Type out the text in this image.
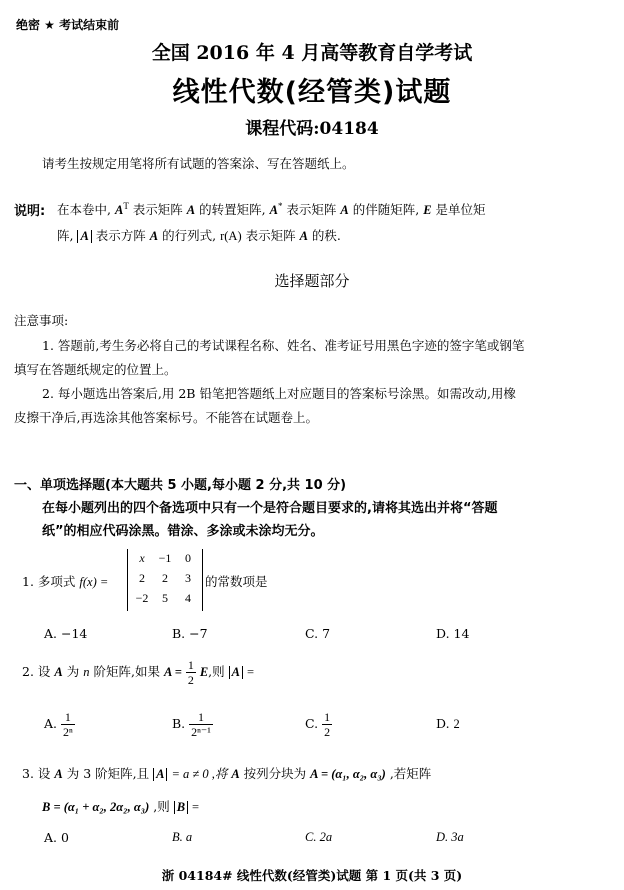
绝密 ★ 考试结束前
全国 2016 年 4 月高等教育自学考试
线性代数(经管类)试题
课程代码:04184
请考生按规定用笔将所有试题的答案涂、写在答题纸上。
说明: 在本卷中, $A^T$ 表示矩阵 A 的转置矩阵, A* 表示矩阵 A 的伴随矩阵, E 是单位矩
阵, A 表示方阵 A 的行列式, r(A) 表示矩阵 A 的秩.
选择题部分
注意事项:
1. 答题前,考生务必将自己的考试课程名称、姓名、准考证号用黑色字迹的签字笔或钢笔
填写在答题纸规定的位置上。
2. 每小题选出答案后,用 2B 铅笔把答题纸上对应题目的答案标号涂黑。如需改动,用橡
皮擦干净后,再选涂其他答案标号。不能答在试题卷上。
一、单项选择题(本大题共 5 小题,每小题 2 分,共 10 分)
在每小题列出的四个备选项中只有一个是符合题目要求的,请将其选出并将“答题
纸”的相应代码涂黑。错涂、多涂或未涂均无分。
1. 多项式 f(x) =
x	−1	0
2	2	3
−2	5	4
的常数项是
A. −14	B. −7	C. 7	D. 14
2. 设 A 为 n 阶矩阵,如果 $A = \frac{1}{2} E$,则 A =
A. $\frac{1}{\text{2ⁿ}}$	B. $\frac{1}{\text{2ⁿ⁻¹}}$	C. $\frac{1}{2}$	D. 2
3. 设 A 为 3 阶矩阵,且 A = a ≠ 0 ,将 A 按列分块为 A = (α₁, α₂, α₃) ,若矩阵
B = (α₁ + α₂, 2α₂, α₃) ,则 B =
A. 0	B. a	C. 2a	D. 3a
浙 04184# 线性代数(经管类)试题 第 1 页(共 3 页)
